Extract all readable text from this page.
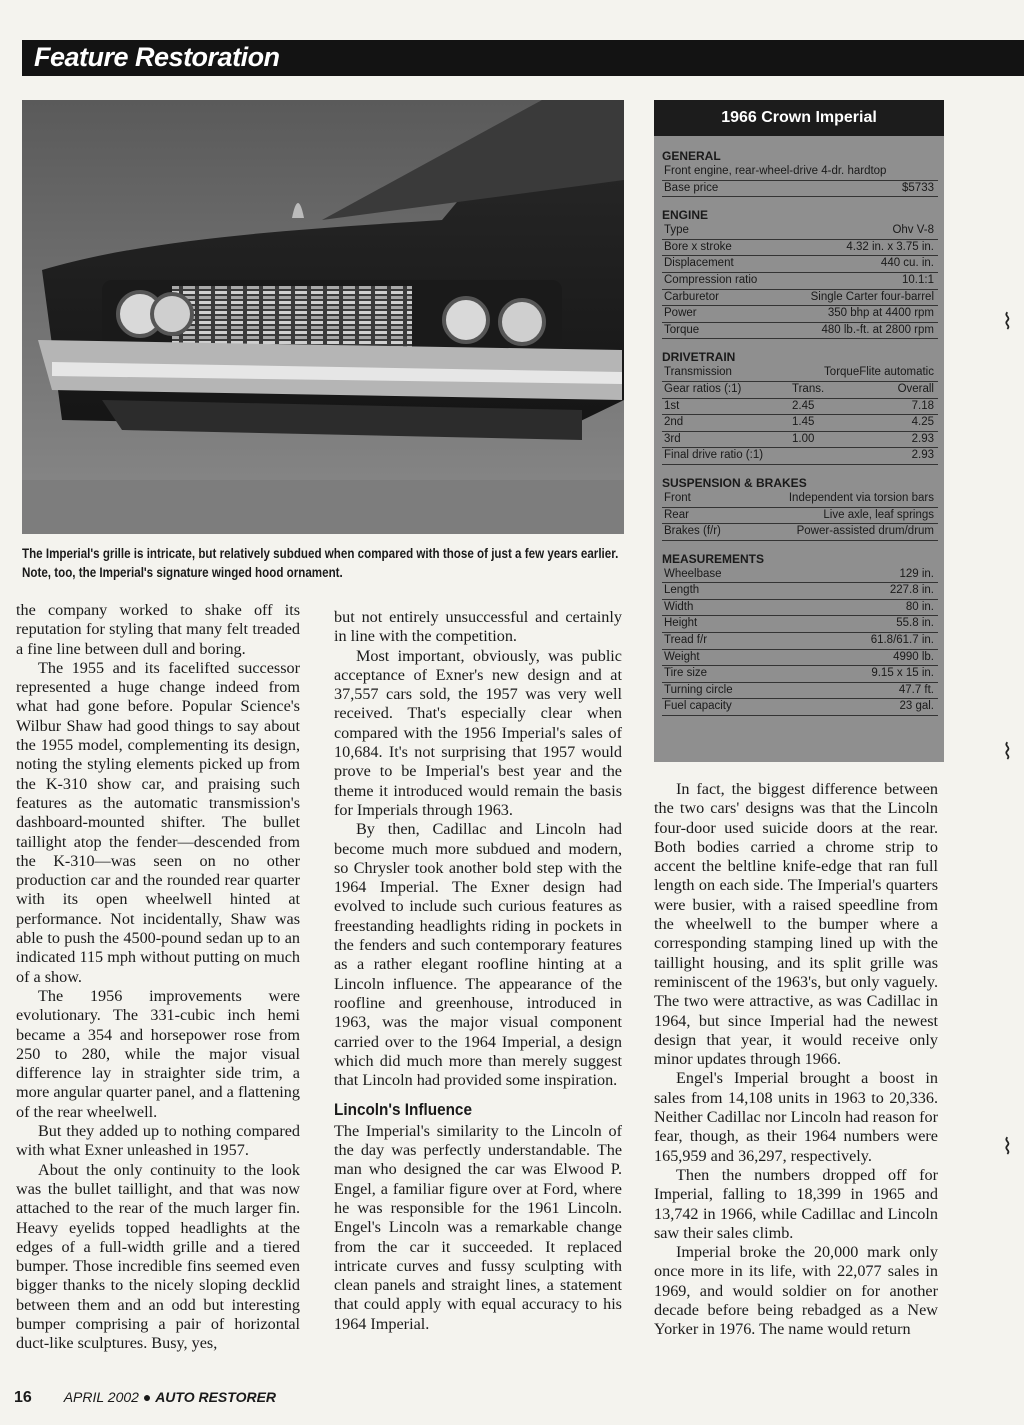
Feature Restoration
The Imperial's grille is intricate, but relatively subdued when compared with those of just a few years earlier. Note, too, the Imperial's signature winged hood ornament.
1966 Crown Imperial
GENERAL
Front engine, rear-wheel-drive 4-dr. hardtop
Base price	$5733
ENGINE
Type	Ohv V-8
Bore x stroke	4.32 in. x 3.75 in.
Displacement	440 cu. in.
Compression ratio	10.1:1
Carburetor	Single Carter four-barrel
Power	350 bhp at 4400 rpm
Torque	480 lb.-ft. at 2800 rpm
DRIVETRAIN
Transmission	TorqueFlite automatic
Gear ratios (:1)	Trans.	Overall
1st	2.45	7.18
2nd	1.45	4.25
3rd	1.00	2.93
Final drive ratio (:1)	2.93
SUSPENSION & BRAKES
Front	Independent via torsion bars
Rear	Live axle, leaf springs
Brakes (f/r)	Power-assisted drum/drum
MEASUREMENTS
Wheelbase	129 in.
Length	227.8 in.
Width	80 in.
Height	55.8 in.
Tread f/r	61.8/61.7 in.
Weight	4990 lb.
Tire size	9.15 x 15 in.
Turning circle	47.7 ft.
Fuel capacity	23 gal.

the company worked to shake off its reputation for styling that many felt treaded a fine line between dull and boring.

The 1955 and its facelifted successor represented a huge change indeed from what had gone before. Popular Science's Wilbur Shaw had good things to say about the 1955 model, complementing its design, noting the styling elements picked up from the K-310 show car, and praising such features as the automatic transmission's dashboard-mounted shifter. The bullet taillight atop the fender—descended from the K-310—was seen on no other production car and the rounded rear quarter with its open wheelwell hinted at performance. Not incidentally, Shaw was able to push the 4500-pound sedan up to an indicated 115 mph without putting on much of a show.

The 1956 improvements were evolutionary. The 331-cubic inch hemi became a 354 and horsepower rose from 250 to 280, while the major visual difference lay in straighter side trim, a more angular quarter panel, and a flattening of the rear wheelwell.

But they added up to nothing compared with what Exner unleashed in 1957.

About the only continuity to the look was the bullet taillight, and that was now attached to the rear of the much larger fin. Heavy eyelids topped headlights at the edges of a full-width grille and a tiered bumper. Those incredible fins seemed even bigger thanks to the nicely sloping decklid between them and an odd but interesting bumper comprising a pair of horizontal duct-like sculptures. Busy, yes,

but not entirely unsuccessful and certainly in line with the competition.

Most important, obviously, was public acceptance of Exner's new design and at 37,557 cars sold, the 1957 was very well received. That's especially clear when compared with the 1956 Imperial's sales of 10,684. It's not surprising that 1957 would prove to be Imperial's best year and the theme it introduced would remain the basis for Imperials through 1963.

By then, Cadillac and Lincoln had become much more subdued and modern, so Chrysler took another bold step with the 1964 Imperial. The Exner design had evolved to include such curious features as freestanding headlights riding in pockets in the fenders and such contemporary features as a rather elegant roofline hinting at a Lincoln influence. The appearance of the roofline and greenhouse, introduced in 1963, was the major visual component carried over to the 1964 Imperial, a design which did much more than merely suggest that Lincoln had provided some inspiration.

Lincoln's Influence

The Imperial's similarity to the Lincoln of the day was perfectly understandable. The man who designed the car was Elwood P. Engel, a familiar figure over at Ford, where he was responsible for the 1961 Lincoln. Engel's Lincoln was a remarkable change from the car it succeeded. It replaced intricate curves and fussy sculpting with clean panels and straight lines, a statement that could apply with equal accuracy to his 1964 Imperial.

In fact, the biggest difference between the two cars' designs was that the Lincoln four-door used suicide doors at the rear. Both bodies carried a chrome strip to accent the beltline knife-edge that ran full length on each side. The Imperial's quarters were busier, with a raised speedline from the wheelwell to the bumper where a corresponding stamping lined up with the taillight housing, and its split grille was reminiscent of the 1963's, but only vaguely. The two were attractive, as was Cadillac in 1964, but since Imperial had the newest design that year, it would receive only minor updates through 1966.

Engel's Imperial brought a boost in sales from 14,108 units in 1963 to 20,336. Neither Cadillac nor Lincoln had reason for fear, though, as their 1964 numbers were 165,959 and 36,297, respectively.

Then the numbers dropped off for Imperial, falling to 18,399 in 1965 and 13,742 in 1966, while Cadillac and Lincoln saw their sales climb.

Imperial broke the 20,000 mark only once more in its life, with 22,077 sales in 1969, and would soldier on for another decade before being rebadged as a New Yorker in 1976. The name would return

16 APRIL 2002 ● AUTO RESTORER
⌇
⌇
⌇
